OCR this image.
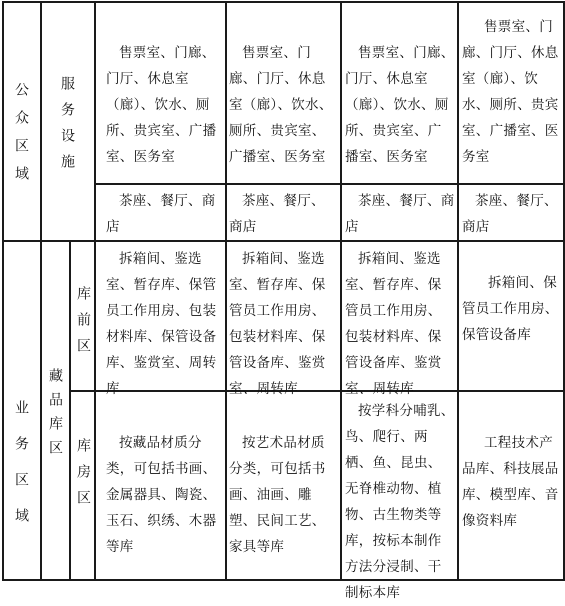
公众区域
业务区域
服务设施
藏品库区
库前区
库房区
售票室、门廊、门厅、休息室（廊）、饮水、厕所、贵宾室、广播室、医务室
售票室、门廊、门厅、休息室（廊）、饮水、厕所、贵宾室、广播室、医务室
售票室、门廊、门厅、休息室（廊）、饮水、厕所、贵宾室、广播室、医务室
售票室、门廊、门厅、休息室（廊）、饮水、厕所、贵宾室、广播室、医务室
茶座、餐厅、商店
茶座、餐厅、商店
茶座、餐厅、商店
茶座、餐厅、商店
拆箱间、鉴选室、暂存库、保管员工作用房、包装材料库、保管设备库、鉴赏室、周转库
拆箱间、鉴选室、暂存库、保管员工作用房、包装材料库、保管设备库、鉴赏室、周转库
拆箱间、鉴选室、暂存库、保管员工作用房、包装材料库、保管设备库、鉴赏室、周转库
拆箱间、保管员工作用房、保管设备库
按藏品材质分类，可包括书画、金属器具、陶瓷、玉石、织绣、木器等库
按艺术品材质分类，可包括书画、油画、雕塑、民间工艺、家具等库
按学科分哺乳、鸟、爬行、两栖、鱼、昆虫、无脊椎动物、植物、古生物类等库，按标本制作方法分浸制、干制标本库
工程技术产品库、科技展品库、模型库、音像资料库
